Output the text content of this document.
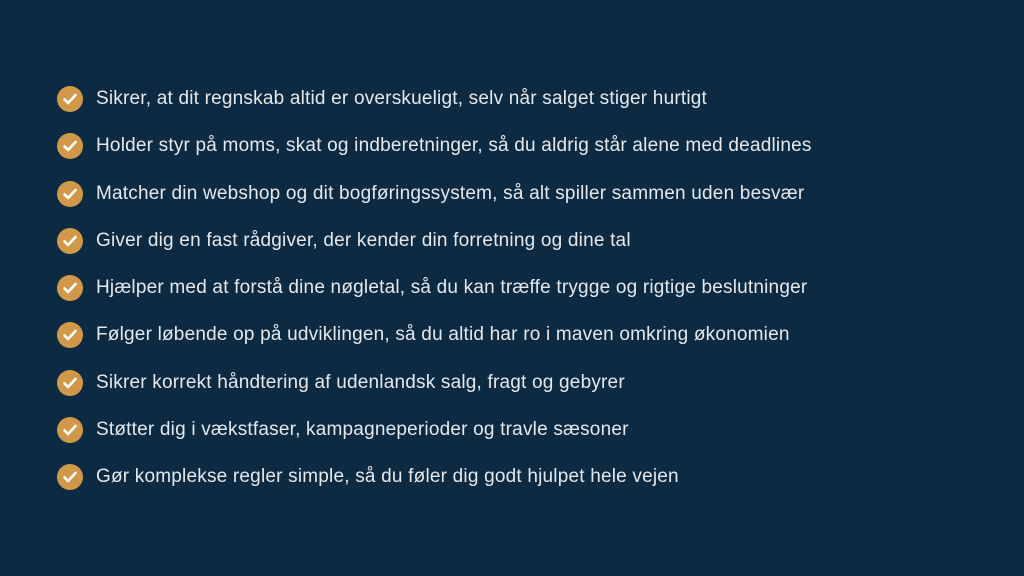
Sikrer, at dit regnskab altid er overskueligt, selv når salget stiger hurtigt
Holder styr på moms, skat og indberetninger, så du aldrig står alene med deadlines
Matcher din webshop og dit bogføringssystem, så alt spiller sammen uden besvær
Giver dig en fast rådgiver, der kender din forretning og dine tal
Hjælper med at forstå dine nøgletal, så du kan træffe trygge og rigtige beslutninger
Følger løbende op på udviklingen, så du altid har ro i maven omkring økonomien
Sikrer korrekt håndtering af udenlandsk salg, fragt og gebyrer
Støtter dig i vækstfaser, kampagneperioder og travle sæsoner
Gør komplekse regler simple, så du føler dig godt hjulpet hele vejen
